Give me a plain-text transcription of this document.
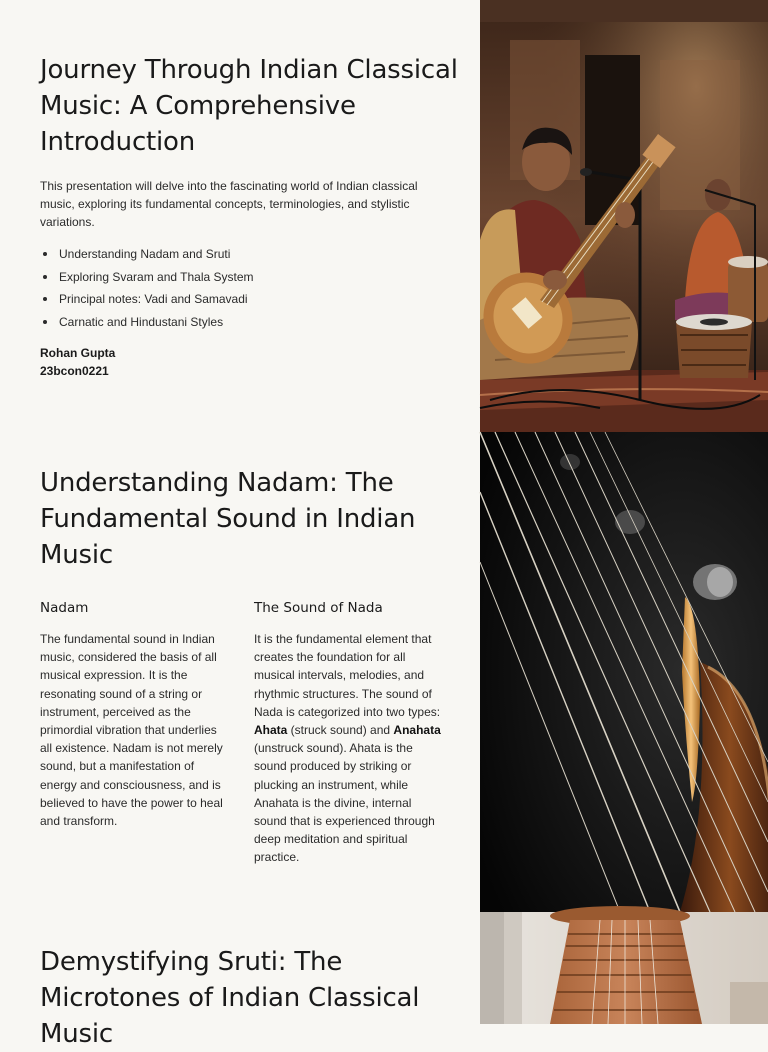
Journey Through Indian Classical Music: A Comprehensive Introduction

This presentation will delve into the fascinating world of Indian classical music, exploring its fundamental concepts, terminologies, and stylistic variations.

Understanding Nadam and Sruti
Exploring Svaram and Thala System
Principal notes: Vadi and Samavadi
Carnatic and Hindustani Styles
Rohan Gupta
23bcon0221
Understanding Nadam: The Fundamental Sound in Indian Music
Nadam

The fundamental sound in Indian music, considered the basis of all musical expression. It is the resonating sound of a string or instrument, perceived as the primordial vibration that underlies all existence. Nadam is not merely sound, but a manifestation of energy and consciousness, and is believed to have the power to heal and transform.

The Sound of Nada

It is the fundamental element that creates the foundation for all musical intervals, melodies, and rhythmic structures. The sound of Nada is categorized into two types: Ahata (struck sound) and Anahata (unstruck sound). Ahata is the sound produced by striking or plucking an instrument, while Anahata is the divine, internal sound that is experienced through deep meditation and spiritual practice.

Demystifying Sruti: The Microtones of Indian Classical Music
